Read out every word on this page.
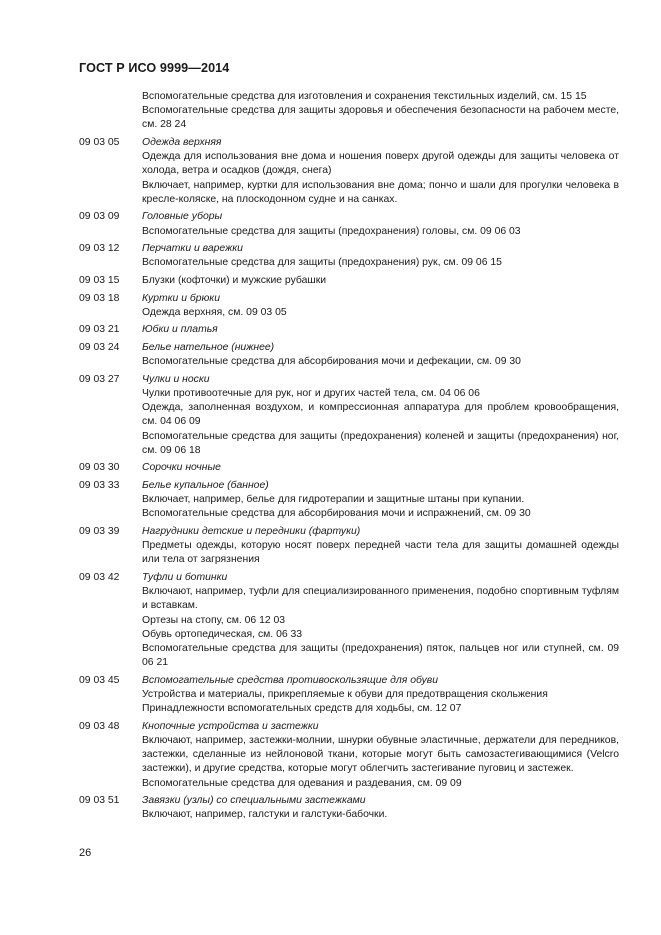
ГОСТ Р ИСО 9999—2014
Вспомогательные средства для изготовления и сохранения текстильных изделий, см. 15 15
Вспомогательные средства для защиты здоровья и обеспечения безопасности на рабочем месте, см. 28 24
09 03 05	Одежда верхняя
Одежда для использования вне дома и ношения поверх другой одежды для защиты человека от холода, ветра и осадков (дождя, снега)
Включает, например, куртки для использования вне дома; пончо и шали для прогулки человека в кресле-коляске, на плоскодонном судне и на санках.
09 03 09	Головные уборы
Вспомогательные средства для защиты (предохранения) головы, см. 09 06 03
09 03 12	Перчатки и варежки
Вспомогательные средства для защиты (предохранения) рук, см. 09 06 15
09 03 15	Блузки (кофточки) и мужские рубашки
09 03 18	Куртки и брюки
Одежда верхняя, см. 09 03 05
09 03 21	Юбки и платья
09 03 24	Белье нательное (нижнее)
Вспомогательные средства для абсорбирования мочи и дефекации, см. 09 30
09 03 27	Чулки и носки
Чулки противоотечные для рук, ног и других частей тела, см. 04 06 06
Одежда, заполненная воздухом, и компрессионная аппаратура для проблем кровообращения, см. 04 06 09
Вспомогательные средства для защиты (предохранения) коленей и защиты (предохранения) ног, см. 09 06 18
09 03 30	Сорочки ночные
09 03 33	Белье купальное (банное)
Включает, например, белье для гидротерапии и защитные штаны при купании.
Вспомогательные средства для абсорбирования мочи и испражнений, см. 09 30
09 03 39	Нагрудники детские и передники (фартуки)
Предметы одежды, которую носят поверх передней части тела для защиты домашней одежды или тела от загрязнения
09 03 42	Туфли и ботинки
Включают, например, туфли для специализированного применения, подобно спортивным туфлям и вставкам.
Ортезы на стопу, см. 06 12 03
Обувь ортопедическая, см. 06 33
Вспомогательные средства для защиты (предохранения) пяток, пальцев ног или ступней, см. 09 06 21
09 03 45	Вспомогательные средства противоскользящие для обуви
Устройства и материалы, прикрепляемые к обуви для предотвращения скольжения
Принадлежности вспомогательных средств для ходьбы, см. 12 07
09 03 48	Кнопочные устройства и застежки
Включают, например, застежки-молнии, шнурки обувные эластичные, держатели для передников, застежки, сделанные из нейлоновой ткани, которые могут быть самозастегивающимися (Velcro застежки), и другие средства, которые могут облегчить застегивание пуговиц и застежек.
Вспомогательные средства для одевания и раздевания, см. 09 09
09 03 51	Завязки (узлы) со специальными застежками
Включают, например, галстуки и галстуки-бабочки.
26
